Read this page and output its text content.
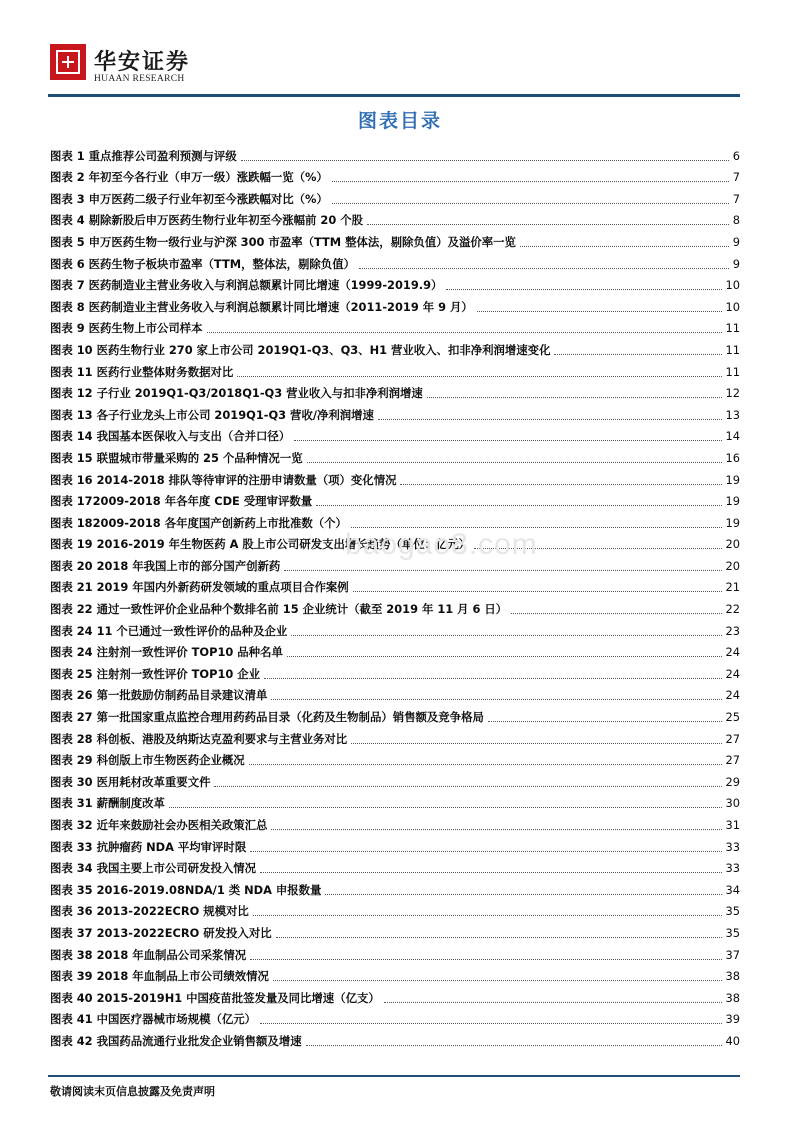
华安证券
HUAAN RESEARCH
图表目录
图表 1 重点推荐公司盈利预测与评级	6
图表 2 年初至今各行业（申万一级）涨跌幅一览（%）	7
图表 3 申万医药二级子行业年初至今涨跌幅对比（%）	7
图表 4 剔除新股后申万医药生物行业年初至今涨幅前 20 个股	8
图表 5 申万医药生物一级行业与沪深 300 市盈率（TTM 整体法，剔除负值）及溢价率一览	9
图表 6 医药生物子板块市盈率（TTM，整体法，剔除负值）	9
图表 7 医药制造业主营业务收入与利润总额累计同比增速（1999-2019.9）	10
图表 8 医药制造业主营业务收入与利润总额累计同比增速（2011-2019 年 9 月）	10
图表 9 医药生物上市公司样本	11
图表 10 医药生物行业 270 家上市公司 2019Q1-Q3、Q3、H1 营业收入、扣非净利润增速变化	11
图表 11 医药行业整体财务数据对比	11
图表 12 子行业 2019Q1-Q3/2018Q1-Q3 营业收入与扣非净利润增速	12
图表 13 各子行业龙头上市公司 2019Q1-Q3 营收/净利润增速	13
图表 14 我国基本医保收入与支出（合并口径）	14
图表 15 联盟城市带量采购的 25 个品种情况一览	16
图表 16 2014-2018 排队等待审评的注册申请数量（项）变化情况	19
图表 172009-2018 年各年度 CDE 受理审评数量	19
图表 182009-2018 各年度国产创新药上市批准数（个）	19
图表 19 2016-2019 年生物医药 A 股上市公司研发支出增长趋势（单位：亿元）	20
图表 20 2018 年我国上市的部分国产创新药	20
图表 21 2019 年国内外新药研发领域的重点项目合作案例	21
图表 22 通过一致性评价企业品种个数排名前 15 企业统计（截至 2019 年 11 月 6 日）	22
图表 24 11 个已通过一致性评价的品种及企业	23
图表 24 注射剂一致性评价 TOP10 品种名单	24
图表 25 注射剂一致性评价 TOP10 企业	24
图表 26 第一批鼓励仿制药品目录建议清单	24
图表 27 第一批国家重点监控合理用药药品目录（化药及生物制品）销售额及竞争格局	25
图表 28 科创板、港股及纳斯达克盈利要求与主营业务对比	27
图表 29 科创版上市生物医药企业概况	27
图表 30 医用耗材改革重要文件	29
图表 31 薪酬制度改革	30
图表 32 近年来鼓励社会办医相关政策汇总	31
图表 33 抗肿瘤药 NDA 平均审评时限	33
图表 34 我国主要上市公司研发投入情况	33
图表 35 2016-2019.08NDA/1 类 NDA 申报数量	34
图表 36 2013-2022ECRO 规模对比	35
图表 37 2013-2022ECRO 研发投入对比	35
图表 38 2018 年血制品公司采浆情况	37
图表 39 2018 年血制品上市公司绩效情况	38
图表 40 2015-2019H1 中国疫苗批签发量及同比增速（亿支）	38
图表 41 中国医疗器械市场规模（亿元）	39
图表 42 我国药品流通行业批发企业销售额及增速	40
baogao8.com
敬请阅读末页信息披露及免责声明
